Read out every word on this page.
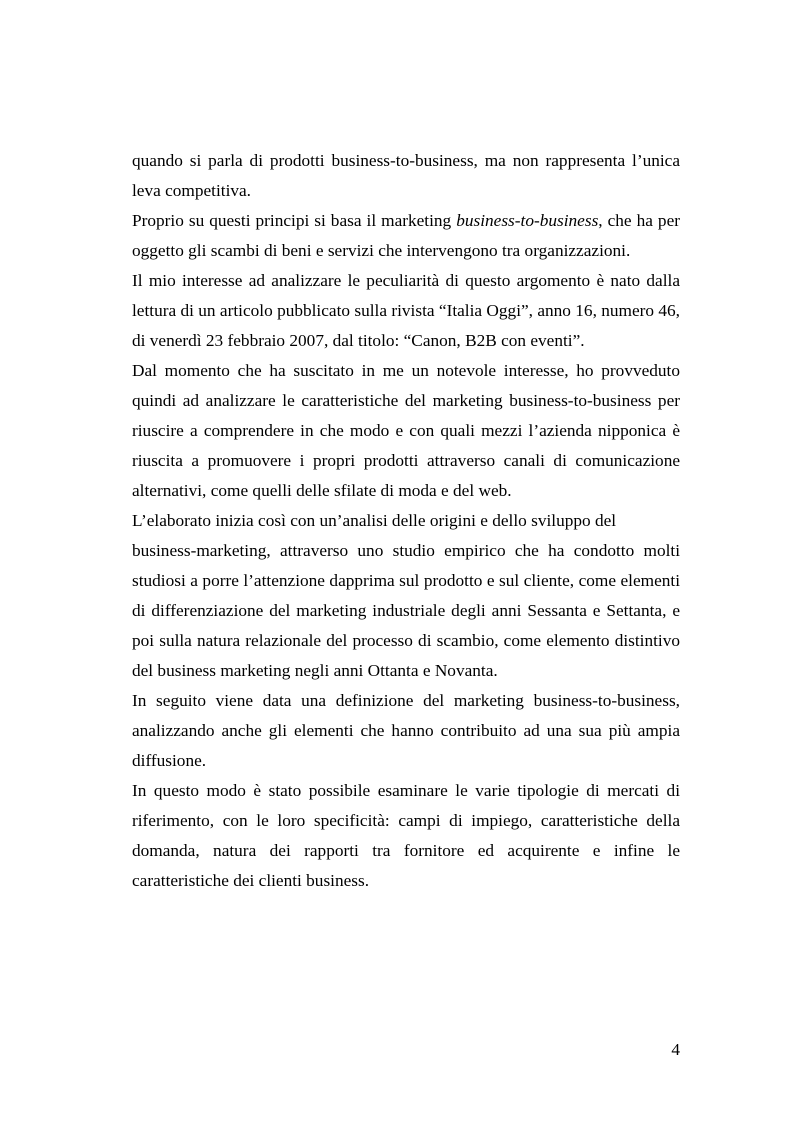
quando si parla di prodotti business-to-business, ma non rappresenta l’unica leva competitiva.

Proprio su questi principi si basa il marketing business-to-business, che ha per oggetto gli scambi di beni e servizi che intervengono tra organizzazioni.

Il mio interesse ad analizzare le peculiarità di questo argomento è nato dalla lettura di un articolo pubblicato sulla rivista “Italia Oggi”, anno 16, numero 46, di venerdì 23 febbraio 2007, dal titolo: “Canon, B2B con eventi”.

Dal momento che ha suscitato in me un notevole interesse, ho provveduto quindi ad analizzare le caratteristiche del marketing business-to-business per riuscire a comprendere in che modo e con quali mezzi l’azienda nipponica è riuscita a promuovere i propri prodotti attraverso canali di comunicazione alternativi, come quelli delle sfilate di moda e del web.

L’elaborato inizia così con un’analisi delle origini e dello sviluppo del

business-marketing, attraverso uno studio empirico che ha condotto molti studiosi a porre l’attenzione dapprima sul prodotto e sul cliente, come elementi di differenziazione del marketing industriale degli anni Sessanta e Settanta, e poi sulla natura relazionale del processo di scambio, come elemento distintivo del business marketing negli anni Ottanta e Novanta.

In seguito viene data una definizione del marketing business-to-business, analizzando anche gli elementi che hanno contribuito ad una sua più ampia diffusione.

In questo modo è stato possibile esaminare le varie tipologie di mercati di riferimento, con le loro specificità: campi di impiego, caratteristiche della domanda, natura dei rapporti tra fornitore ed acquirente e infine le caratteristiche dei clienti business.

4
